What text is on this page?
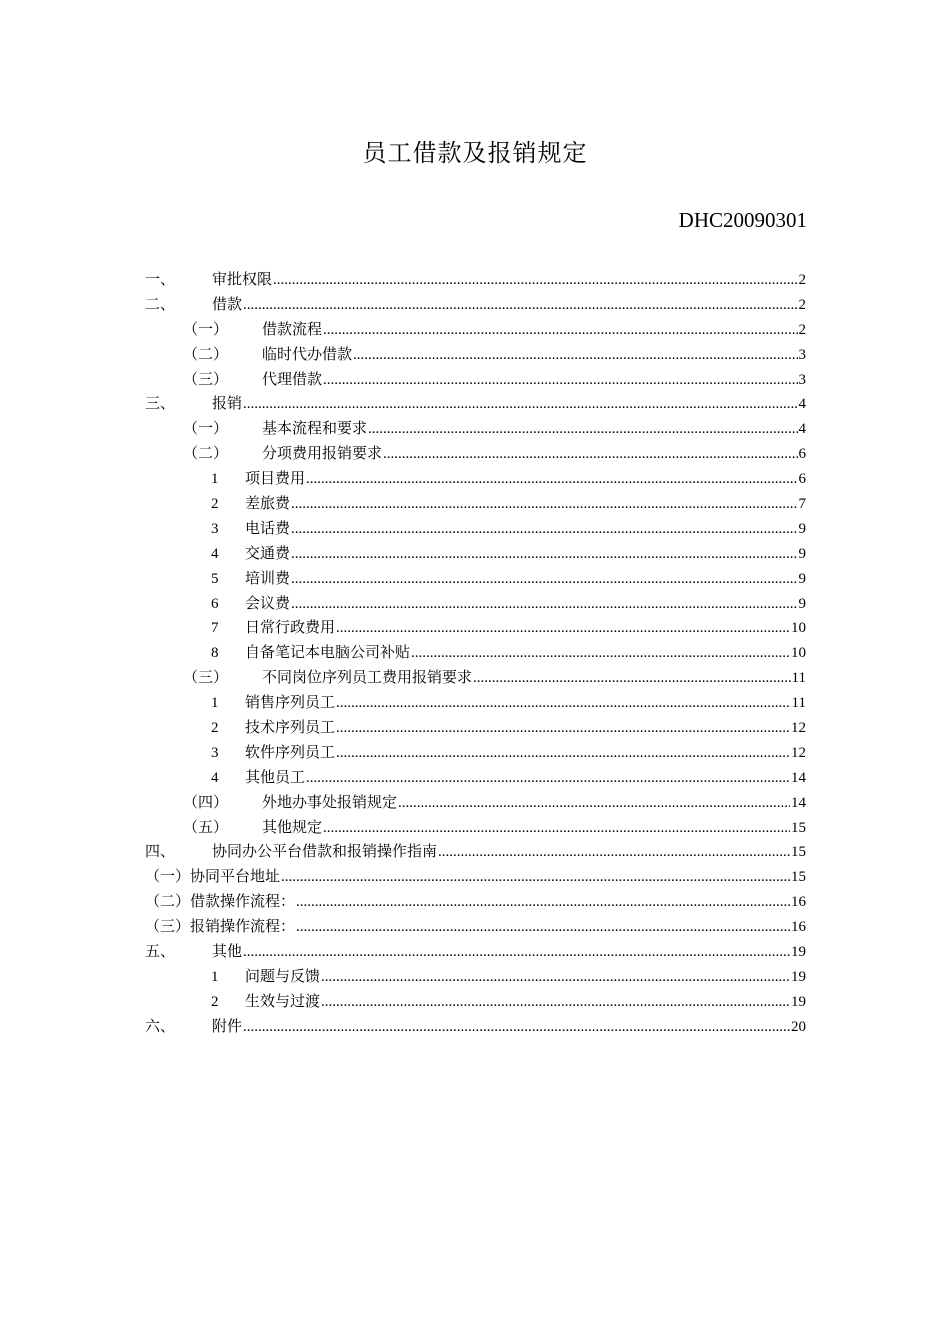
员工借款及报销规定
DHC20090301
一、	审批权限 .....	2
二、	借款 .....	2
（一）	借款流程 .....	2
（二）	临时代办借款 .....	3
（三）	代理借款 .....	3
三、	报销 .....	4
（一）	基本流程和要求 .....	4
（二）	分项费用报销要求 .....	6
1	项目费用 .....	6
2	差旅费 .....	7
3	电话费 .....	9
4	交通费 .....	9
5	培训费 .....	9
6	会议费 .....	9
7	日常行政费用 .....	10
8	自备笔记本电脑公司补贴 .....	10
（三）	不同岗位序列员工费用报销要求 .....	11
1	销售序列员工 .....	11
2	技术序列员工 .....	12
3	软件序列员工 .....	12
4	其他员工 .....	14
（四）	外地办事处报销规定 .....	14
（五）	其他规定 .....	15
四、	协同办公平台借款和报销操作指南 .....	15
（一）协同平台地址 .....	15
（二）借款操作流程： .....	16
（三）报销操作流程： .....	16
五、	其他 .....	19
1	问题与反馈 .....	19
2	生效与过渡 .....	19
六、	附件 .....	20
